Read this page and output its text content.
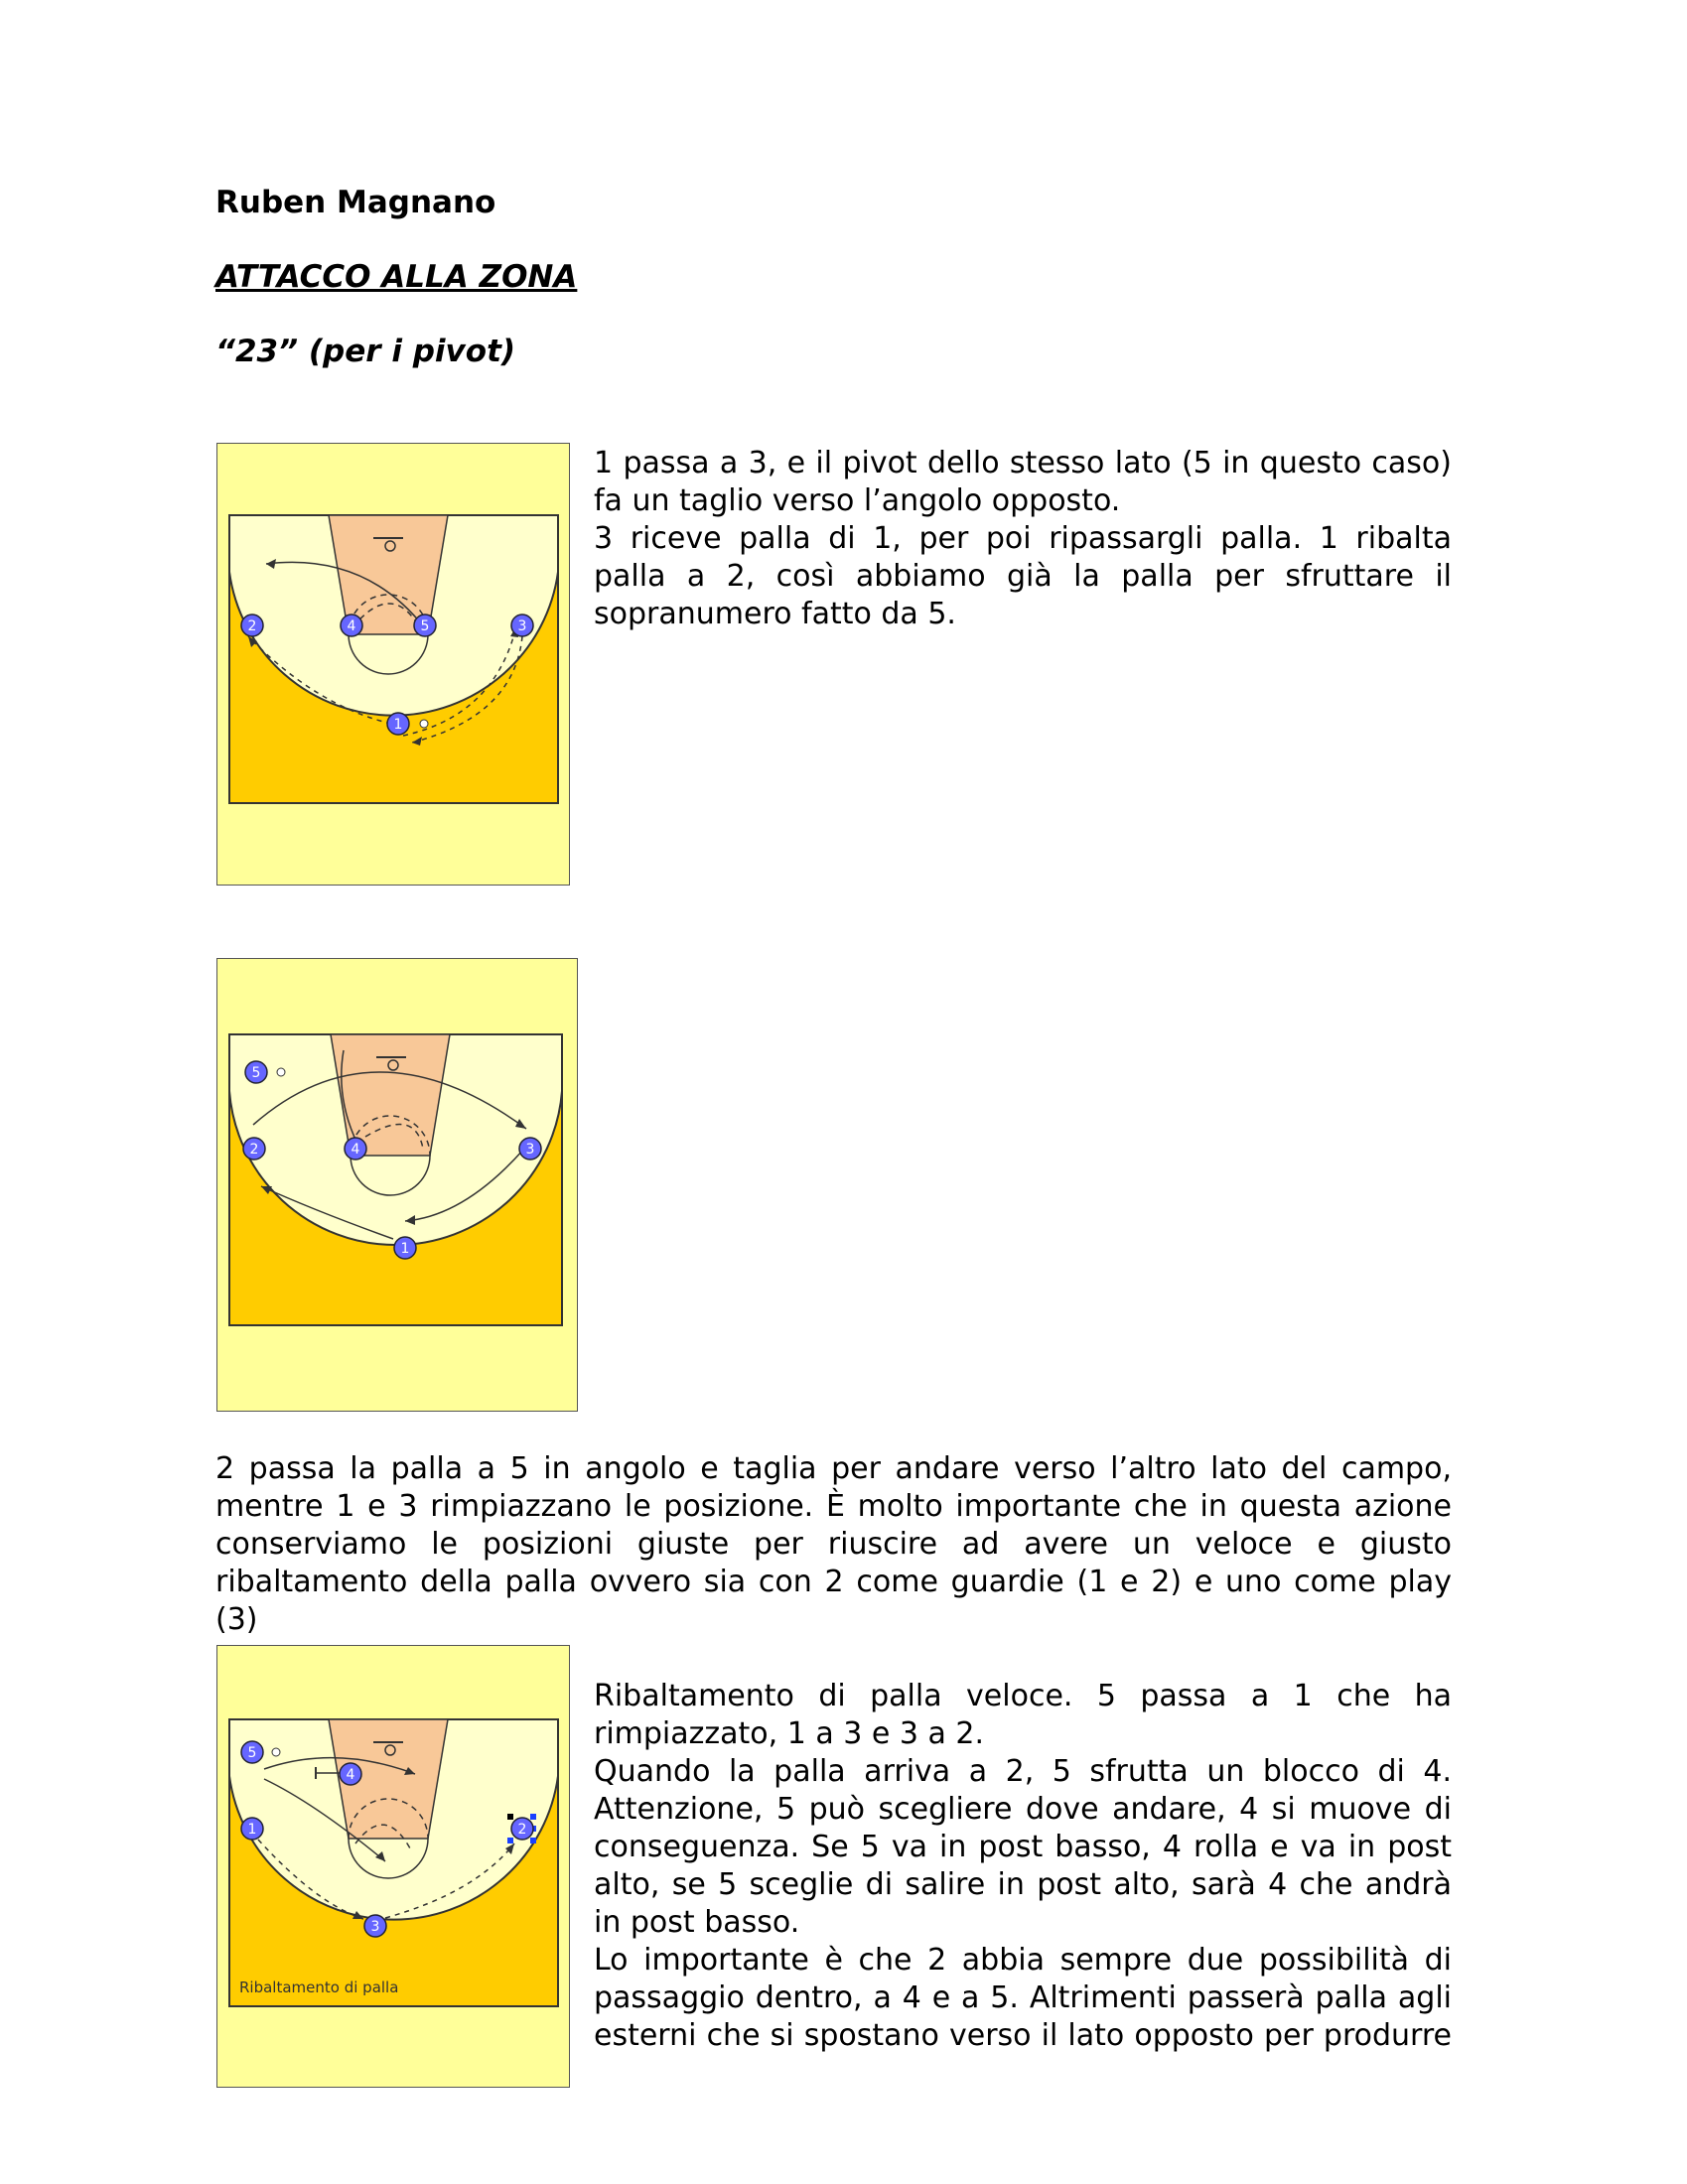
Ruben Magnano
ATTACCO ALLA ZONA
“23” (per i pivot)
2	4	5	3
1

1 passa a 3, e il pivot dello stesso lato (5 in questo caso) fa un taglio verso l’angolo opposto.

3 riceve palla di 1, per poi ripassargli palla. 1 ribalta palla a 2, così abbiamo già la palla per sfruttare il sopranumero fatto da 5.

5
2	4	3
1

2 passa la palla a 5 in angolo e taglia per andare verso l’altro lato del campo, mentre 1 e 3 rimpiazzano le posizione. È molto importante che in questa azione conserviamo le posizioni giuste per riuscire ad avere un veloce e giusto ribaltamento della palla ovvero sia con 2 come guardie (1 e 2) e uno come play (3)

5
4
1	2
3
Ribaltamento di palla

Ribaltamento di palla veloce. 5 passa a 1 che ha rimpiazzato, 1 a 3 e 3 a 2.

Quando la palla arriva a 2, 5 sfrutta un blocco di 4. Attenzione, 5 può scegliere dove andare, 4 si muove di conseguenza. Se 5 va in post basso, 4 rolla e va in post alto, se 5 sceglie di salire in post alto, sarà 4 che andrà in post basso.

Lo importante è che 2 abbia sempre due possibilità di passaggio dentro, a 4 e a 5. Altrimenti passerà palla agli esterni che si spostano verso il lato opposto per produrre
